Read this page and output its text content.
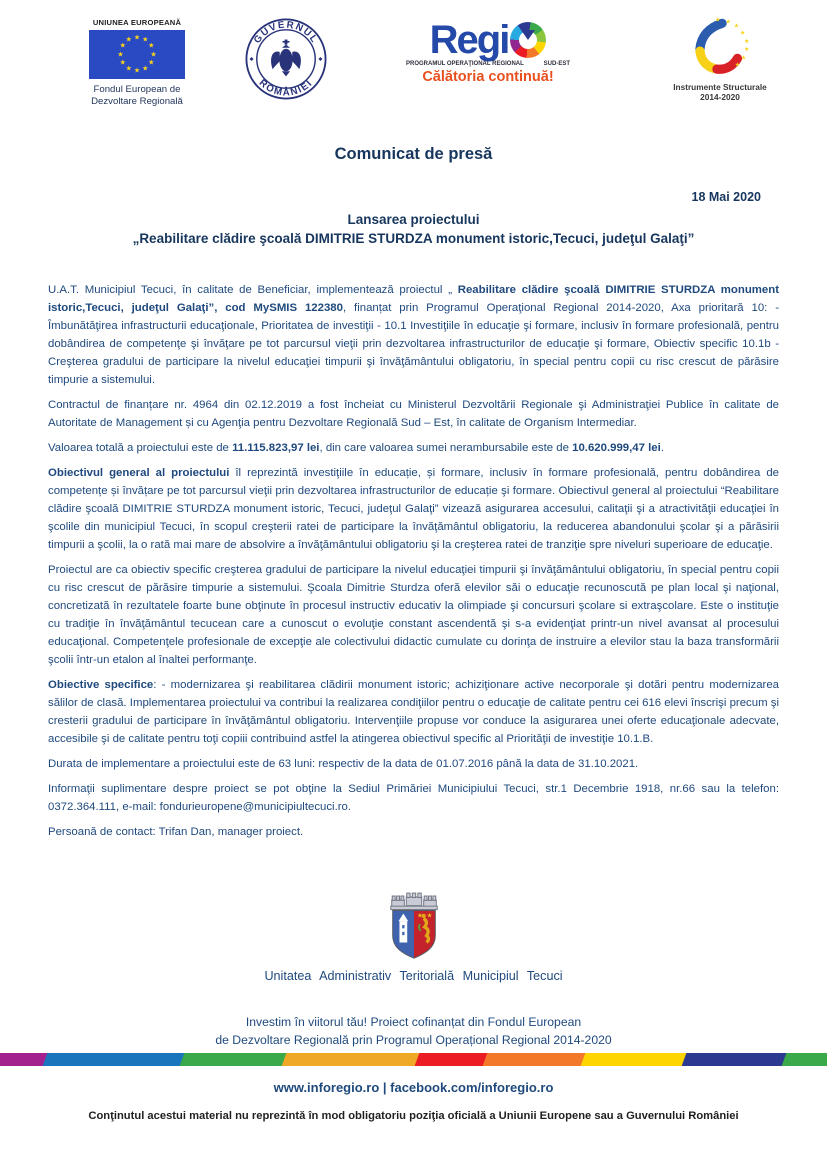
UNIUNEA EUROPEANĂ
★ ★
★
★
★
★
★
★
★
★
★
★
Fondul European de Dezvoltare Regională
GUVERNUL
ROMÂNIEI
Regi
PROGRAMUL OPERAŢIONAL REGIONAL	SUD-EST
Călătoria continuă!
★ ★
★
★
★
★
★
★
Instrumente Structurale
2014-2020
Comunicat de presă
18 Mai 2020
Lansarea proiectului
„Reabilitare clădire şcoală DIMITRIE STURDZA monument istoric,Tecuci, judeţul Galaţi”

U.A.T. Municipiul Tecuci, în calitate de Beneficiar, implementează proiectul „ Reabilitare clădire şcoală DIMITRIE STURDZA monument istoric,Tecuci, judeţul Galaţi”, cod MySMIS 122380, finanțat prin Programul Operaţional Regional 2014-2020, Axa prioritară 10: - Îmbunătăţirea infrastructurii educaţionale, Prioritatea de investiţii - 10.1 Investiţiile în educaţie şi formare, inclusiv în formare profesională, pentru dobândirea de competenţe şi învăţare pe tot parcursul vieţii prin dezvoltarea infrastructurilor de educaţie şi formare, Obiectiv specific 10.1b - Creşterea gradului de participare la nivelul educaţiei timpurii şi învăţământului obligatoriu, în special pentru copii cu risc crescut de părăsire timpurie a sistemului.

Contractul de finanțare nr. 4964 din 02.12.2019 a fost încheiat cu Ministerul Dezvoltării Regionale şi Administraţiei Publice în calitate de Autoritate de Management și cu Agenţia pentru Dezvoltare Regională Sud – Est, în calitate de Organism Intermediar.

Valoarea totală a proiectului este de 11.115.823,97 lei, din care valoarea sumei nerambursabile este de 10.620.999,47 lei.

Obiectivul general al proiectului îl reprezintă investiţiile în educație, și formare, inclusiv în formare profesională, pentru dobândirea de competențe și învățare pe tot parcursul vieţii prin dezvoltarea infrastructurilor de educație şi formare. Obiectivul general al proiectului “Reabilitare clădire şcoală DIMITRIE STURDZA monument istoric, Tecuci, judeţul Galaţi” vizează asigurarea accesului, calitaţii şi a atractivităţii educaţiei în şcolile din municipiul Tecuci, în scopul creşterii ratei de participare la învăţământul obligatoriu, la reducerea abandonului şcolar şi a părăsirii timpurii a şcolii, la o rată mai mare de absolvire a învăţământului obligatoriu şi la creşterea ratei de tranziţie spre niveluri superioare de educaţie.

Proiectul are ca obiectiv specific creşterea gradului de participare la nivelul educaţiei timpurii şi învăţământului obligatoriu, în special pentru copii cu risc crescut de părăsire timpurie a sistemului. Şcoala Dimitrie Sturdza oferă elevilor săi o educaţie recunoscută pe plan local şi naţional, concretizată în rezultatele foarte bune obţinute în procesul instructiv educativ la olimpiade şi concursuri şcolare si extraşcolare. Este o instituţie cu tradiţie în învăţământul tecucean care a cunoscut o evoluţie constant ascendentă şi s-a evidenţiat printr-un nivel avansat al procesului educaţional. Competenţele profesionale de excepţie ale colectivului didactic cumulate cu dorinţa de instruire a elevilor stau la baza transformării şcolii într-un etalon al înaltei performanţe.

Obiective specifice: - modernizarea şi reabilitarea clădirii monument istoric; achiziţionare active necorporale şi dotări pentru modernizarea sălilor de clasă. Implementarea proiectului va contribui la realizarea condiţiilor pentru o educaţie de calitate pentru cei 616 elevi înscrişi precum şi cresterii gradului de participare în învăţământul obligatoriu. Intervenţiile propuse vor conduce la asigurarea unei oferte educaţionale adecvate, accesibile şi de calitate pentru toţi copiii contribuind astfel la atingerea obiectivul specific al Priorităţii de investiţie 10.1.B.

Durata de implementare a proiectului este de 63 luni: respectiv de la data de 01.07.2016 până la data de 31.10.2021.

Informaţii suplimentare despre proiect se pot obţine la Sediul Primăriei Municipiului Tecuci, str.1 Decembrie 1918, nr.66 sau la telefon: 0372.364.111, e-mail: fondurieuropene@municipiultecuci.ro.

Persoană de contact: Trifan Dan, manager proiect.

★ ★
Unitatea Administrativ Teritorială Municipiul Tecuci
Investim în viitorul tău! Proiect cofinanțat din Fondul European
de Dezvoltare Regională prin Programul Operațional Regional 2014-2020
www.inforegio.ro | facebook.com/inforegio.ro
Conţinutul acestui material nu reprezintă în mod obligatoriu poziţia oficială a Uniunii Europene sau a Guvernului României
